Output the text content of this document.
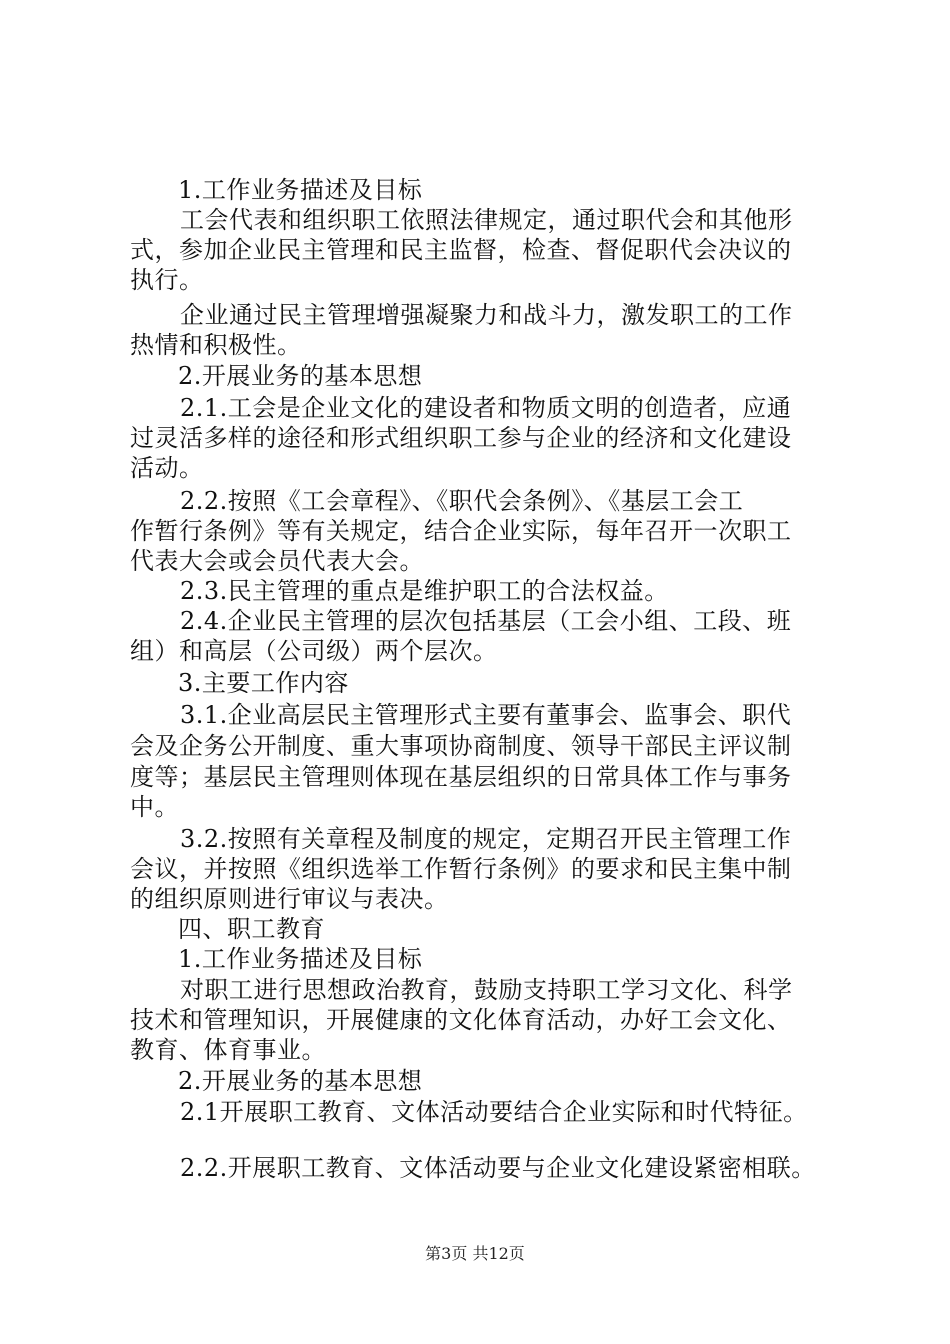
1.工作业务描述及目标
工会代表和组织职工依照法律规定，通过职代会和其他形
式，参加企业民主管理和民主监督，检查、督促职代会决议的
执行。
企业通过民主管理增强凝聚力和战斗力，激发职工的工作
热情和积极性。
2.开展业务的基本思想
2.1.工会是企业文化的建设者和物质文明的创造者，应通
过灵活多样的途径和形式组织职工参与企业的经济和文化建设
活动。
2.2.按照《工会章程》、《职代会条例》、《基层工会工
作暂行条例》等有关规定，结合企业实际，每年召开一次职工
代表大会或会员代表大会。
2.3.民主管理的重点是维护职工的合法权益。
2.4.企业民主管理的层次包括基层（工会小组、工段、班
组）和高层（公司级）两个层次。
3.主要工作内容
3.1.企业高层民主管理形式主要有董事会、监事会、职代
会及企务公开制度、重大事项协商制度、领导干部民主评议制
度等；基层民主管理则体现在基层组织的日常具体工作与事务
中。
3.2.按照有关章程及制度的规定，定期召开民主管理工作
会议，并按照《组织选举工作暂行条例》的要求和民主集中制
的组织原则进行审议与表决。
四、职工教育
1.工作业务描述及目标
对职工进行思想政治教育，鼓励支持职工学习文化、科学
技术和管理知识，开展健康的文化体育活动，办好工会文化、
教育、体育事业。
2.开展业务的基本思想
2.1开展职工教育、文体活动要结合企业实际和时代特征。
2.2.开展职工教育、文体活动要与企业文化建设紧密相联。
第3页 共12页
